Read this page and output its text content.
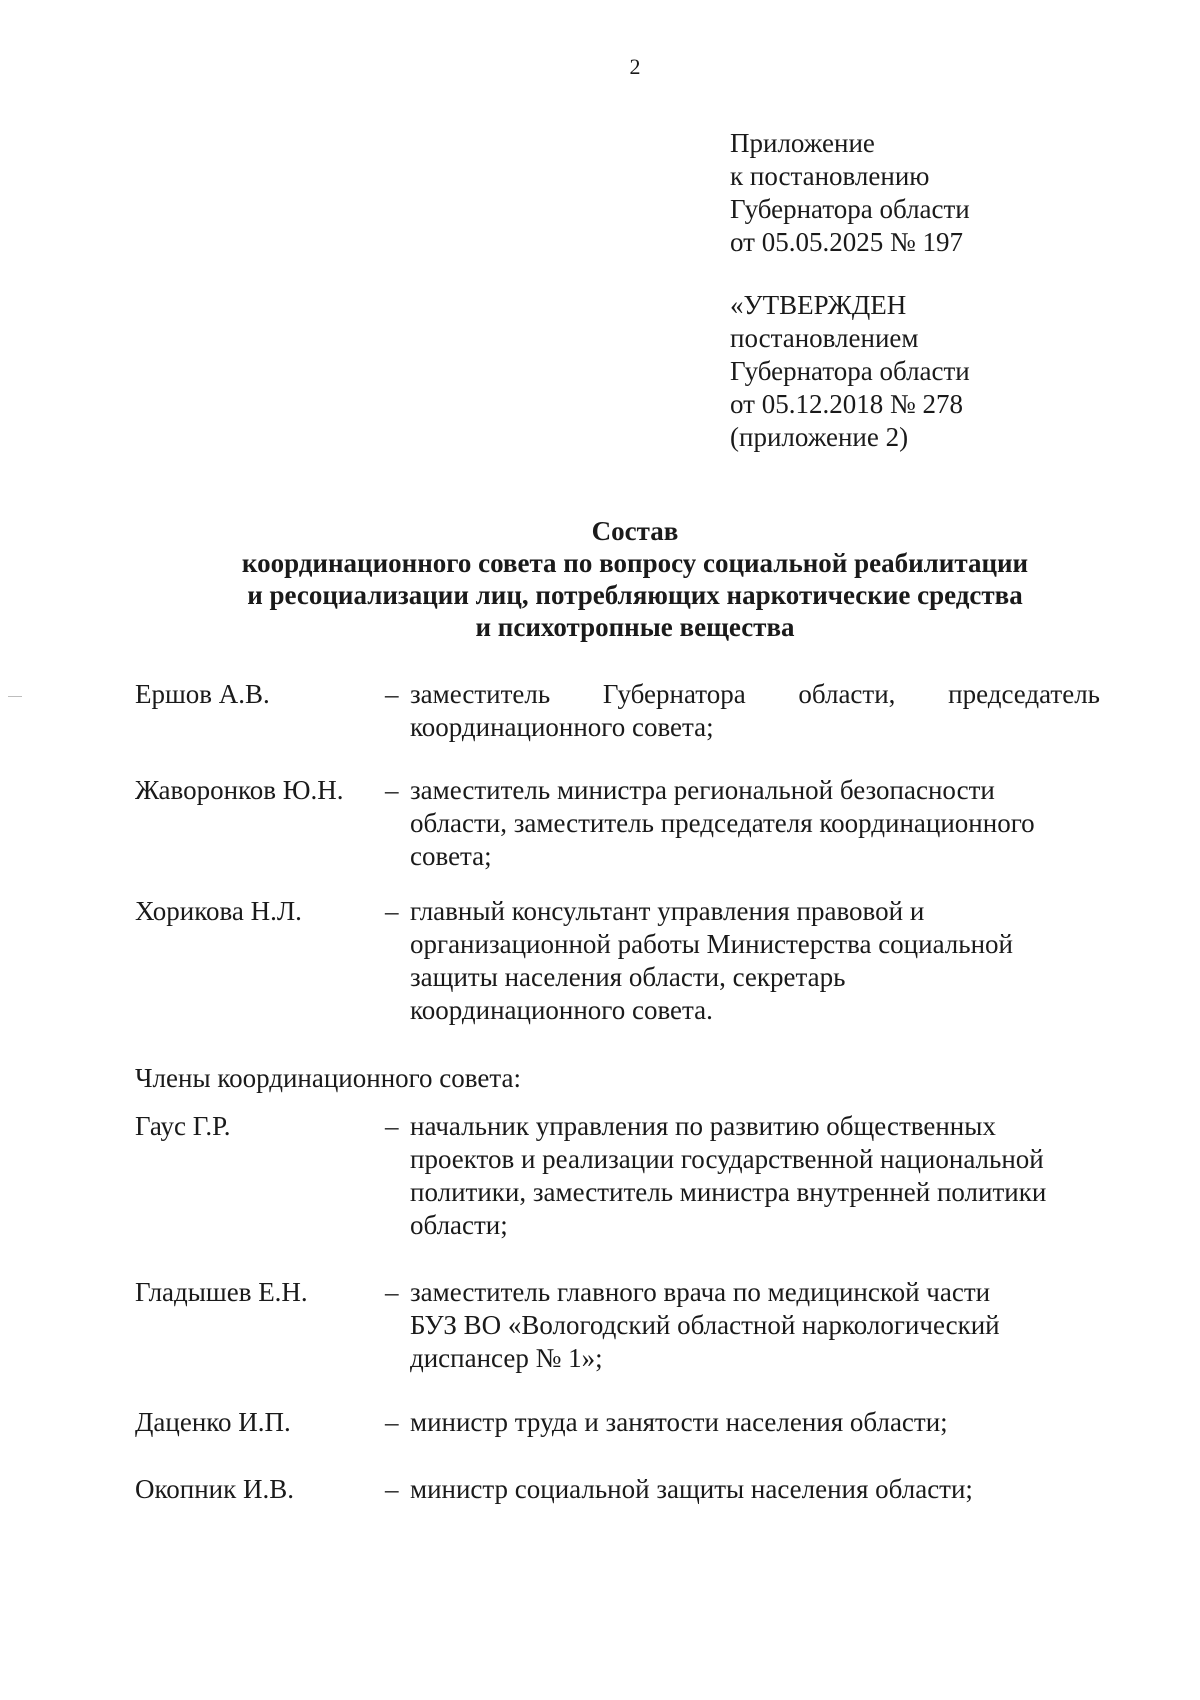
2
Приложение
к постановлению
Губернатора области
от 05.05.2025 № 197
«УТВЕРЖДЕН
постановлением
Губернатора области
от 05.12.2018 № 278
(приложение 2)
Состав
координационного совета по вопросу социальной реабилитации
и ресоциализации лиц, потребляющих наркотические средства
и психотропные вещества
Ершов А.В.	– заместитель Губернатора области, председатель
координационного совета;
Жаворонков Ю.Н. – заместитель министра региональной безопасности
области, заместитель председателя координационного
совета;
Хорикова Н.Л.	– главный консультант управления правовой и
организационной работы Министерства социальной
защиты населения области, секретарь
координационного совета.
Члены координационного совета:
Гаус Г.Р.	– начальник управления по развитию общественных
проектов и реализации государственной национальной
политики, заместитель министра внутренней политики
области;
Гладышев Е.Н.	– заместитель главного врача по медицинской части
БУЗ ВО «Вологодский областной наркологический
диспансер № 1»;
Даценко И.П.	– министр труда и занятости населения области;
Окопник И.В.	– министр социальной защиты населения области;
